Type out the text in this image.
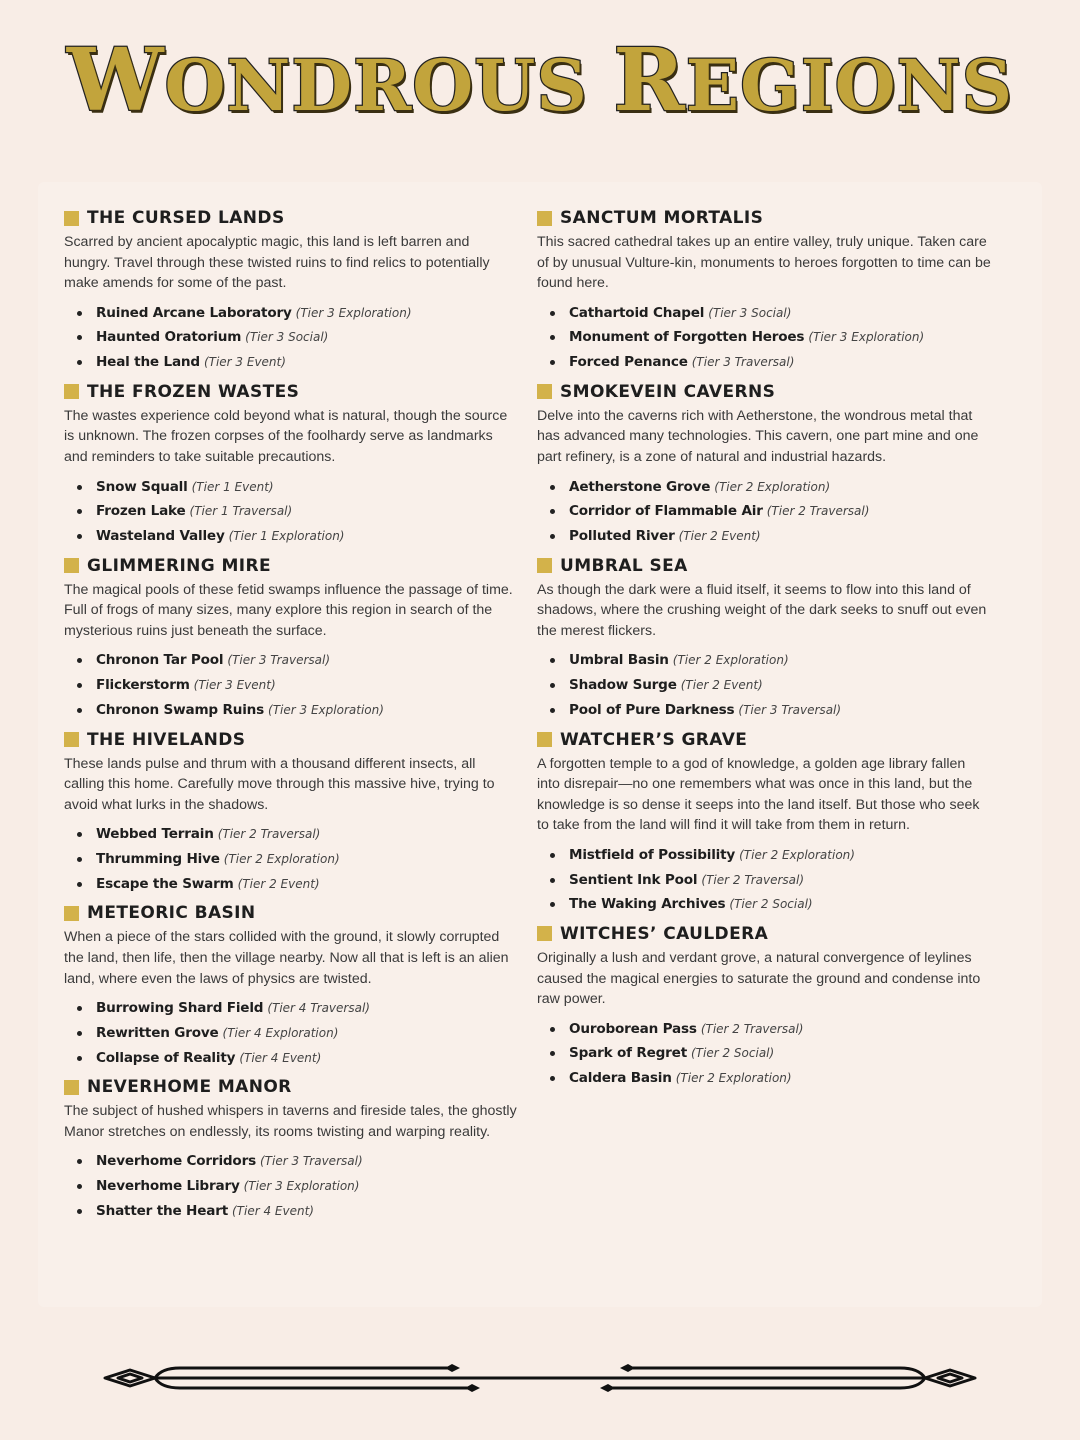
WONDROUS REGIONS
THE CURSED LANDS

Scarred by ancient apocalyptic magic, this land is left barren and hungry. Travel through these twisted ruins to find relics to potentially make amends for some of the past.

Ruined Arcane Laboratory (Tier 3 Exploration)
Haunted Oratorium (Tier 3 Social)
Heal the Land (Tier 3 Event)
THE FROZEN WASTES

The wastes experience cold beyond what is natural, though the source is unknown. The frozen corpses of the foolhardy serve as landmarks and reminders to take suitable precautions.

Snow Squall (Tier 1 Event)
Frozen Lake (Tier 1 Traversal)
Wasteland Valley (Tier 1 Exploration)
GLIMMERING MIRE

The magical pools of these fetid swamps influence the passage of time. Full of frogs of many sizes, many explore this region in search of the mysterious ruins just beneath the surface.

Chronon Tar Pool (Tier 3 Traversal)
Flickerstorm (Tier 3 Event)
Chronon Swamp Ruins (Tier 3 Exploration)
THE HIVELANDS

These lands pulse and thrum with a thousand different insects, all calling this home. Carefully move through this massive hive, trying to avoid what lurks in the shadows.

Webbed Terrain (Tier 2 Traversal)
Thrumming Hive (Tier 2 Exploration)
Escape the Swarm (Tier 2 Event)
METEORIC BASIN

When a piece of the stars collided with the ground, it slowly corrupted the land, then life, then the village nearby. Now all that is left is an alien land, where even the laws of physics are twisted.

Burrowing Shard Field (Tier 4 Traversal)
Rewritten Grove (Tier 4 Exploration)
Collapse of Reality (Tier 4 Event)
NEVERHOME MANOR

The subject of hushed whispers in taverns and fireside tales, the ghostly Manor stretches on endlessly, its rooms twisting and warping reality.

Neverhome Corridors (Tier 3 Traversal)
Neverhome Library (Tier 3 Exploration)
Shatter the Heart (Tier 4 Event)
SANCTUM MORTALIS

This sacred cathedral takes up an entire valley, truly unique. Taken care of by unusual Vulture-kin, monuments to heroes forgotten to time can be found here.

Cathartoid Chapel (Tier 3 Social)
Monument of Forgotten Heroes (Tier 3 Exploration)
Forced Penance (Tier 3 Traversal)
SMOKEVEIN CAVERNS

Delve into the caverns rich with Aetherstone, the wondrous metal that has advanced many technologies. This cavern, one part mine and one part refinery, is a zone of natural and industrial hazards.

Aetherstone Grove (Tier 2 Exploration)
Corridor of Flammable Air (Tier 2 Traversal)
Polluted River (Tier 2 Event)
UMBRAL SEA

As though the dark were a fluid itself, it seems to flow into this land of shadows, where the crushing weight of the dark seeks to snuff out even the merest flickers.

Umbral Basin (Tier 2 Exploration)
Shadow Surge (Tier 2 Event)
Pool of Pure Darkness (Tier 3 Traversal)
WATCHER’S GRAVE

A forgotten temple to a god of knowledge, a golden age library fallen into disrepair—no one remembers what was once in this land, but the knowledge is so dense it seeps into the land itself. But those who seek to take from the land will find it will take from them in return.

Mistfield of Possibility (Tier 2 Exploration)
Sentient Ink Pool (Tier 2 Traversal)
The Waking Archives (Tier 2 Social)
WITCHES’ CAULDERA

Originally a lush and verdant grove, a natural convergence of leylines caused the magical energies to saturate the ground and condense into raw power.

Ouroborean Pass (Tier 2 Traversal)
Spark of Regret (Tier 2 Social)
Caldera Basin (Tier 2 Exploration)
